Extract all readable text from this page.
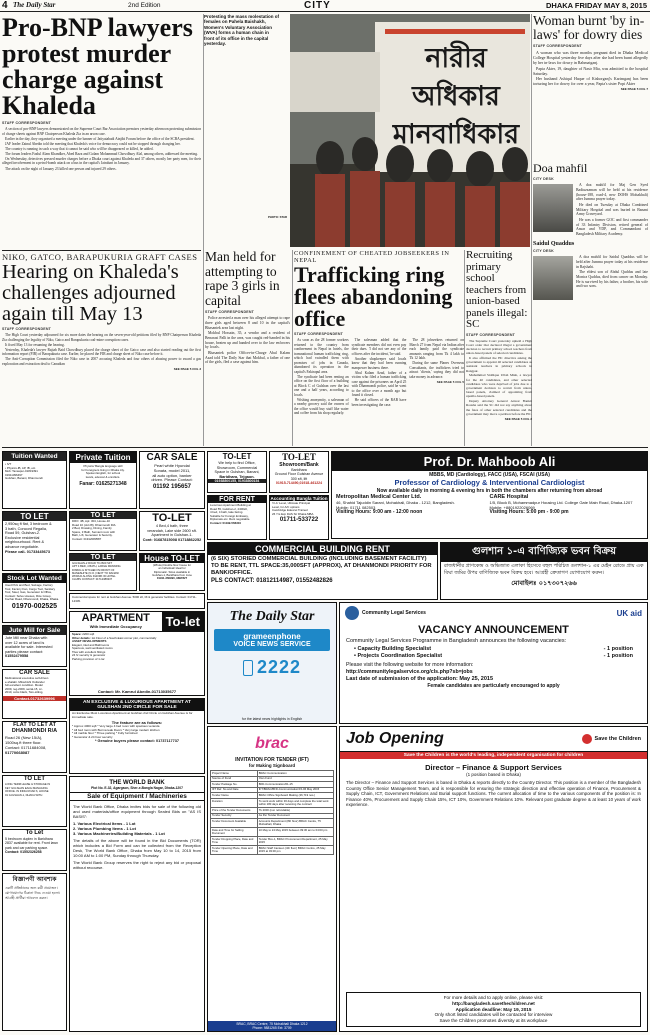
4 The Daily Star	2nd Edition	CITY	DHAKA FRIDAY MAY 8, 2015
Pro-BNP lawyers protest murder charge against Khaleda
STAFF CORRESPONDENT

A section of pro-BNP lawyers demonstrated on the Supreme Court Bar Association premises yesterday afternoon protesting submission of charge sheets against BNP Chairperson Khaleda Zia in an arson case.

Earlier in the day, they organised a meeting under the banner of Jatiyatabadi Ainjibi Forum before the office of the SCBA president.

JAF leader Zainul Abedin told the meeting that Khaleda's voice for democracy could not be stopped through charging her.

The country is running in such a way that it cannot be said who will be disappeared or killed, he added.

The forum leaders Fazlul Alam Khandker, Abed Raza and Golam Mohammad Chowdhury Alal, among others, addressed the meeting.

On Wednesday, detectives pressed murder charges before a Dhaka court against Khaleda and 37 others, mostly her party men, for their alleged involvement in a petrol-bomb attack on a bus in the capital's Jatrabari in January.

The attack on the night of January 23 killed one person and injured 29 others.

NIKO, GATCO, BARAPUKURIA GRAFT CASES
Hearing on Khaleda's challenges adjourned again till May 13
STAFF CORRESPONDENT

The High Court yesterday adjourned for six more dates the hearing on the seven-year-old petitions filed by BNP Chairperson Khaleda Zia challenging the legality of Niko, Gatco and Barapukuria coal-mine corruption cases.

It fixed May 13 for resuming the hearing.

Yesterday, Khaleda's lawyer Rajiab Baid Chowdhury placed the charge sheet of the Gatco case and also started reading out the first information report (FIR) of Barapukuria case. Earlier, he placed the FIR and charge sheet of Niko case before it.

The Anti-Corruption Commission filed the Niko case in 2007 accusing Khaleda and four others of abusing power to award a gas exploration and extraction deal to Canadian

SEE PAGE 5 COL 3
Protesting the mass molestation of females on Pahela Baishakh, Women's Voluntary Association (WVA) forms a human chain in front of its office in the capital yesterday.
PHOTO: STAR
নারীর অধিকার মানবাধিকার
Woman burnt 'by in-laws' for dowry dies
STAFF CORRESPONDENT

A woman who was three months pregnant died in Dhaka Medical College Hospital yesterday five days after she had been burnt allegedly by her in-laws for dowry in Rahmatganj.

Papia Akter, 19, daughter of Nasir Mia, was admitted to the hospital Saturday.

Her husband Ashiqul Haque of Kishorganj's Karimganj has been torturing her for dowry for over a year, Papia's sister Popi Akter

SEE PAGE 5 COL 7
Doa mahfil
CITY DESK

A doa mahfil for Maj Gen Syed Badiuzzaman will be held at his residence (house-188, road-4, new DOHS Mohakhali) after Jumma prayer today.

He died on Tuesday at Dhaka Combined Military Hospital and was buried in Banani Army Graveyard.

He was a former GOC and first commander of 33 Infantry Division, retired general of Ansar and VDP, and Commandant of Bangladesh Military Academy.

Saidul Quaddus
CITY DESK

A doa mahfil for Saidul Quaddus will be held after Jumma prayer today at his residence in Rajshahi.

The eldest son of Abdul Quddus and late Monira Quddus, died from cancer on Monday. He is survived by his father, a brother, his wife and two sons.

Man held for attempting to rape 3 girls in capital
STAFF CORRESPONDENT

Police arrested a man over his alleged attempt to rape three girls aged between 8 and 10 in the capital's Bhasantek area last night.

Mokbul Hossain, 35, a vendor and a resident of Benarasi Palli in the area, was caught red-handed in his house, beaten up and handed over to the law enforcers by locals.

Bhasantek police Officer-in-Charge Abul Kalam Azad told The Daily Star that Mokbul, a father of one of the girls, fled a case against him.

CONFINEMENT OF CHEATED JOBSEEKERS IN NEPAL
Trafficking ring flees abandoning office
STAFF CORRESPONDENT

As soon as the 28 former workers returned to the country from confinement in Nepal in hotels, the transnational human trafficking ring, which had swindled them with promises of jobs in Canada, abandoned its operation in the capital's Fakirapul area.

The syndicate had been renting an office on the first floor of a building at Block C of Gulshan over the last one and a half years, according to locals.

Wishing anonymity, a salesman of a nearby grocery said the owners of the office would buy stuff like water and coffee from his shop regularly.

The salesman added that the syndicate members did not even pay their dues. 'I did not see any of the officers after the incident,' he said.

Another shopkeeper said locals knew that they had been running manpower business there.

Abul Kalam Azad, father of a victim who filed a human trafficking case against the prisoners on April 25 with Dhanmondi police, said he went to the office over a month ago but found it closed.

He said officers of the RAB have been investigating the case.

The 28 jobseekers returned on March 27 from Nepal via Indian after each family paid the syndicate amounts ranging from Tk 4 lakh to Tk 12 lakh.

During the same Planes Overseas Consultants, the traffickers tried to attract 'clients,' saying they did not take money in advance.

SEE PAGE 5 COL 5
Recruiting primary school teachers from union-based panels illegal: SC
STAFF CORRESPONDENT

The Supreme Court yesterday upheld a High Court order that declared illegal a government decision to recruit primary school teachers from union-based panels of selected candidates.

It also affirmed the HC directive asking the government to appoint 40 selected candidates as assistant teachers in primary schools in Rangpur.

Muhammad Siddique Ullah Miah, a lawyer for the 40 candidates, and other selected candidates who were deprived of jobs due to a government decision to recruit from union-based panels, claimed of appointing from upazila-based panels.

Deputy Attorney General Anwar Bankir Rousha said the SC did not say anything about the fates of other selected candidates and the government may move a petition before the HC.

SEE PAGE 5 COL 2
Tuition Wanted
• IVT
• Physics-IB, AP, IB, etc.
Mob: Tanaspur-01819391
01911396497
Gulshan, Banani, Dhanmondi
Private Tuition
Physics/ Bangla language skill
for Foreigners living in Dhaka city.
Spoken English, for school
levels, edexcel & enrollers.
Fanar: 01625271348
CAR SALE
Pearl white Hyundai
Sonata, model 2011,
all auto option, banker
driven. Please Contact:
01192 195657
TO LET
2,950sq ft flat, 3 bedroom &
3 bath, Concord Regalia,
Road 59, Gulshan-2.
Exclusive residential
neighbourhood. Rent &
advance negotiable.
Please call- 01733445673
TO LET
DRO: 4B, Apt: 304, House-10
Road 10 (old 28), Dhanmondi R/A
2 Bed, Drawing, Dining, Family
Space, 3 Bath, Servant room with
Bath, Lift, Generator & Security.
Contact: 01912083587
TO-LET
4 Bed,4 bath, three
verandah, Lake side 2600 sft.
Apartment in Gulshan-1.
Cont: 01687815008 01718862252
TO LET
GULSHAN-2 ROAD 79 2600 SFT
APT 4 BED, 4 BATH, LARGE DRAWING
DINING & KITCHEN IN FRONT OF
MANESHITE (N.O.) NEXT TO DANANI
WORLD ALONG DHORK ID HOTEL
CLUBS CONTACT: 01712389337
House TO-LET
(Whole) Double floor house for
an Individual/ Ideal for
Diplomatic. Sizes available in
Gulshan-1, Baridhara from June
01911-360990, 9897827
Commercial space for rent at Gulshan Avenue. 5000 sft, lift & generator facilities. Contact: 01711-12345.
Stock Lot Wanted
Used Pick and Bed, Salvage, Factory
Tool, Factory Fan, Cargo Tool, Sanitary
Tool, Steel, Gas, Generator & Office,
Contact: Solve Houses, Rice Group,
Kochar Road, Dhanmondi, Dhaka, Dhaka.
01970-002525
Jute Mill for Sale
Jute Mill near Dhaka with
over 12 acres of land is
available for sale. Interested
parties please contact:
01552479558
CAR SALE
Multinational executive self-driven
e-shalabi. Mitsubishi Outlander
full excellent condition. Model
2009, reg-2009, serial-15, cc-
2010, color-black, Two-sitting,
Contact-01732639996
FLAT TO LET AT DHANMONDI R/A
Road 26 (New 15/A),
1500sq.ft three floor.
Contact: 01711684008,
01770668087
TO LET
LONG TERM LEASE & STORAGE IN
KEY GULSHAN EACH MANAGING
OFFICE. IN INDIA ROAD 6, HOUSE
01 GULSHAN-1, DHAKA WITH
To Let
5 bedroom duplex in Baridhara
2837 available for rent. Front lawn
park and car parking space.
Contact: 01552326258
বিজ্ঞাপণী আবশ্যক
একটি প্রতিষ্ঠানের জন্য কর্মী প্রয়োজন।
যোগাযোগের ঠিকানা নিচে দেওয়া হলো।
আগ্রহী প্রার্থীরা আবেদন করুন।
TO-LET
We help to find Office,
Showroom, Commercial
Space in Gulshan, Banani,
Baridhara, Tejgaon.
01938800155, 01938800154
TO-LET
Showroom/Bank
Baridhara
Ground Floor Gulshan Avenue
300 sft, lift
01915-714490,01918-461224
FOR RENT
Luxurious Apartment Building at
Road 55, Gulshan-2, 2400sft,
4 bed, 4 bath, lake facing.
Suitable for Foreign Embassy,
Diplomats etc. Rent negotiable.
Contact: 01199-566310
Accounting Bangla Tuition
'O-A' Level, Ultimate Principal
Level, for A/C options
Cambridge Edexcel Trained
26 Yrs Exp DAS Sir Dhaka MBA
01711-533722
APARTMENT
With Immediate Occupancy	To-let
Space: 2200 sqft
Other details: 1st Floor of a South-East corner plot, commercially
ASSET DEVELOPMENTS
Elegant, tiled and Bathrooms
Spacious, well-ventilated rooms
Tiles with excellent fittings
24 hr security & generator
Parking provision of 1 car
Contact: Mr. Kamrul Abedin-01713035677
AN EXCLUSIVE & LUXURIOUS APARTMENT AT GULSHAN 2ND CIRCLE FOR SALE
An Exclusive Most Luxurious Apartment at Gulshan 2nd Circle on Gulshan Avenue is for immediate sale.
The feature are as follows:
* Approx 4000 sqft * Very large 4 bed room with spacious veranda
* All bed room with Burma teak Doors * Very large modern kitchen
* All marble floor * Three parking * Fully furnished
* Generator & 24 hour security
* Genuine buyers please contact: 01737117737
THE WORLD BANK
Plot No. E-32, Agargaon, Sher-e-Bangla Nagar, Dhaka-1207
Sale of Equipment / Machineries
The World Bank Office, Dhaka invites bids for sale of the following old and used materials/office equipment through Sealed Bids on "AS IS BASIS":
1. Various Electrical Items - 1 Lot
2. Various Plumbing Items - 1 Lot
3. Various Machineries/Building Materials - 1 Lot
The details of the above will be found in the Bid Documents (TOR) which includes a Bid Form and can be collected from the Reception Desk, The World Bank Office, Dhaka from May 10 to 14, 2015 from 10:00 AM to 1:00 PM, Sunday through Thursday.
The World Bank Group reserves the right to reject any bid or proposal without recourse.
Prof. Dr. Mahboob Ali
MBBS, MD (Cardiology), FACC (USA), FSCAI (USA)
Professor of Cardiology & Interventional Cardiologist
Now available daily in morning & evening hrs in both the chambers after returning from abroad
Metropolitan Medical Center Ltd.
46, Shahid Tajuddin Sarani, Mohakhali, Dhaka - 1212, Bangladesh.
Mobile: 01711 082503
Visiting Hours: 9:00 am - 12:00 noon
CARE Hospital
1/5, Block B, Mohammadpur Housing Ltd. College Gate Main Road, Dhaka-1207
Mobile: +8801922026069
Visiting Hours: 5:00 pm - 9:00 pm
COMMERCIAL BUILDING RENT
(6 SIX) STORIED COMMERCIAL BUILDING (INCLUDING BASEMENT FACILITY) TO BE RENT, TTL SPACE:35,000SFT (APPROX), AT DHANMONDI PRIORITY FOR BANK/OFFICE.
PLS CONTACT: 01812114987, 01552482826
গুলশান ১-এ বাণিজ্যিক ভবন বিক্রয়
রাজধানীর প্রাণকেন্দ্র ও অভিজাত এলাকা হিসেবে বহুল পরিচিত গুলশান-১ এর মেইন রোডে প্রায় এক বিঘা জমির উপর বাণিজ্যিক ভবন বিক্রয় হবে। আগ্রহী ক্রেতাগণ যোগাযোগ করুন।
মোবাইলঃ ০১৭৩০৭২৬৬
The Daily Star
grameenphone
VOICE NEWS SERVICE
2222
for the latest news highlights in English
Community Legal Services	UK aid
VACANCY ANNOUNCEMENT
Community Legal Services Programme in Bangladesh announces the following vacancies:
• Capacity Building Specialist	- 1 position
• Projects Coordination Specialist	- 1 position
Please visit the following website for more information:
http://communitylegalservice.org/cls.php?sb=jobs
Last date of submission of the application: May 25, 2015
Female candidates are particularly encouraged to apply
brac
INVITATION FOR TENDER (IFT)
for Making Signboard
Project Name	BRAC Communication
Source of Fund	Own Fund
Tender Package No.	BFD-Communication/01-15
IFT Ref. No and Date	IFT/BRAC/BFD-Communication/15-06 May 2015
Tender Name	BRAC Office Signboard Making (26,719 nos.)
Duration	To work work within 30 days and complete the total work within 180 days after receiving the contract
Price of the Tender Documents	Tk 2000 (non refundable)
Tender Security	As Per Tender Document
Tender Document Available	Accounts Department (8th floor) BRAC Centre, 75 Mohakhali, Dhaka
Date and Time for Selling Document	10 May to 24 May 2015 between 09:30 am to 04:00 pm
Tender Dropping Place, Date and Time	Tender Box-1, BRAC Procurement Department, 25 May 2015
Tender Opening Place, Date and Time	BRAC Staff Canteen (4th floor) BRAC Centre, 25 May 2015 at 03:00 pm
BRAC, BRAC Centre, 75 Mohakhali Dhaka 1212
Phone: 9881265 Ext: 3709
Job Opening	Save the Children
Save the Children is the world's leading, independent organisation for children
Director – Finance & Support Services
(1 position based in Dhaka)
The Director – Finance and Support Services is based in Dhaka & reports directly to the Country Director. This position is a member of the Bangladesh Country Office Senior Management Team, and is responsible for ensuring the strategic direction and effective operation of Finance, Procurement & Supply Chain, ICT, Government Relations and Burial support functions. The current allocation of time to the various components of the position is: In Finance 40%, Procurement and Supply Chain 15%, ICT 10%, Government Relations 10%. Relevant post graduate degree & at least 10 years of work experience.
For more details and to apply online, please visit:
http://bangladesh.savethechildren.net
Application deadline: May 19, 2015
Only short listed candidates will be contacted for interview
Save the Children promotes diversity at its workplace
